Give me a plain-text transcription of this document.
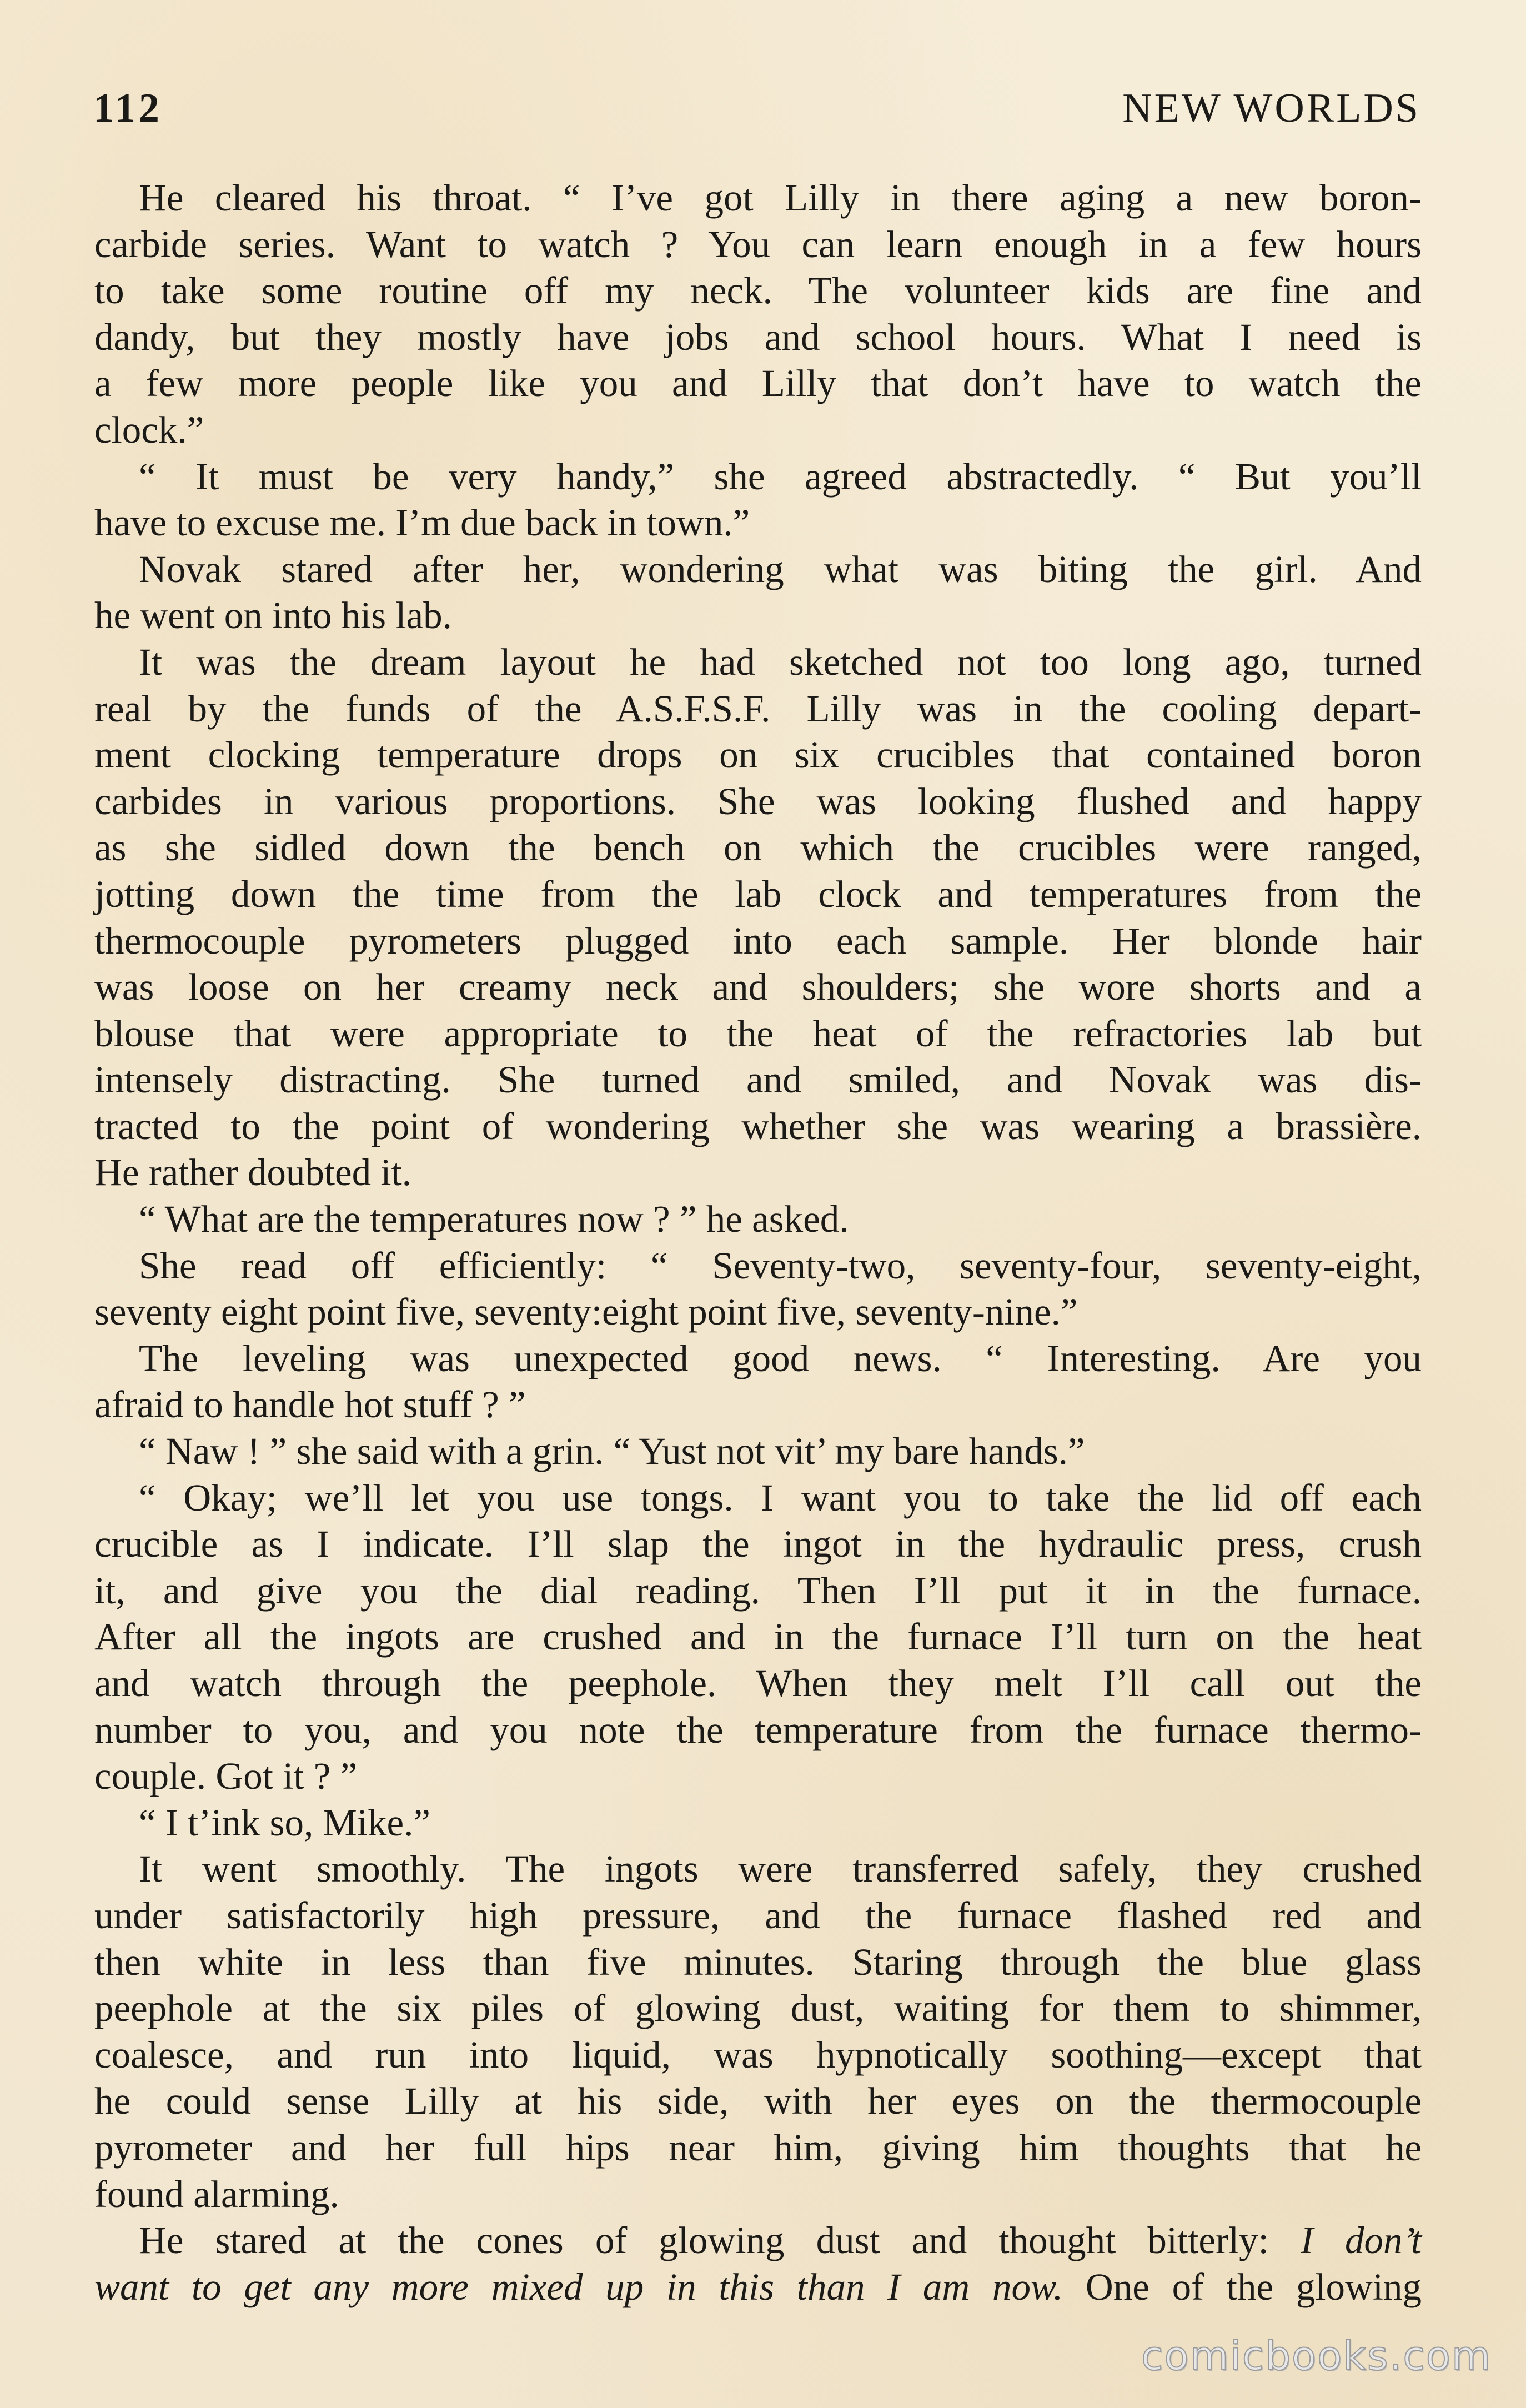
112	NEW WORLDS
He cleared his throat. “ I’ve got Lilly in there aging a new boron-
carbide series. Want to watch ? You can learn enough in a few hours
to take some routine off my neck. The volunteer kids are fine and
dandy, but they mostly have jobs and school hours. What I need is
a few more people like you and Lilly that don’t have to watch the
clock.”
“ It must be very handy,” she agreed abstractedly. “ But you’ll
have to excuse me. I’m due back in town.”
Novak stared after her, wondering what was biting the girl. And
he went on into his lab.
It was the dream layout he had sketched not too long ago, turned
real by the funds of the A.S.F.S.F. Lilly was in the cooling depart-
ment clocking temperature drops on six crucibles that contained boron
carbides in various proportions. She was looking flushed and happy
as she sidled down the bench on which the crucibles were ranged,
jotting down the time from the lab clock and temperatures from the
thermocouple pyrometers plugged into each sample. Her blonde hair
was loose on her creamy neck and shoulders; she wore shorts and a
blouse that were appropriate to the heat of the refractories lab but
intensely distracting. She turned and smiled, and Novak was dis-
tracted to the point of wondering whether she was wearing a brassière.
He rather doubted it.
“ What are the temperatures now ? ” he asked.
She read off efficiently: “ Seventy-two, seventy-four, seventy-eight,
seventy eight point five, seventy:eight point five, seventy-nine.”
The leveling was unexpected good news. “ Interesting. Are you
afraid to handle hot stuff ? ”
“ Naw ! ” she said with a grin. “ Yust not vit’ my bare hands.”
“ Okay; we’ll let you use tongs. I want you to take the lid off each
crucible as I indicate. I’ll slap the ingot in the hydraulic press, crush
it, and give you the dial reading. Then I’ll put it in the furnace.
After all the ingots are crushed and in the furnace I’ll turn on the heat
and watch through the peephole. When they melt I’ll call out the
number to you, and you note the temperature from the furnace thermo-
couple. Got it ? ”
“ I t’ink so, Mike.”
It went smoothly. The ingots were transferred safely, they crushed
under satisfactorily high pressure, and the furnace flashed red and
then white in less than five minutes. Staring through the blue glass
peephole at the six piles of glowing dust, waiting for them to shimmer,
coalesce, and run into liquid, was hypnotically soothing—except that
he could sense Lilly at his side, with her eyes on the thermocouple
pyrometer and her full hips near him, giving him thoughts that he
found alarming.
He stared at the cones of glowing dust and thought bitterly: I don’t
want to get any more mixed up in this than I am now. One of the glowing
comicbooks.com
